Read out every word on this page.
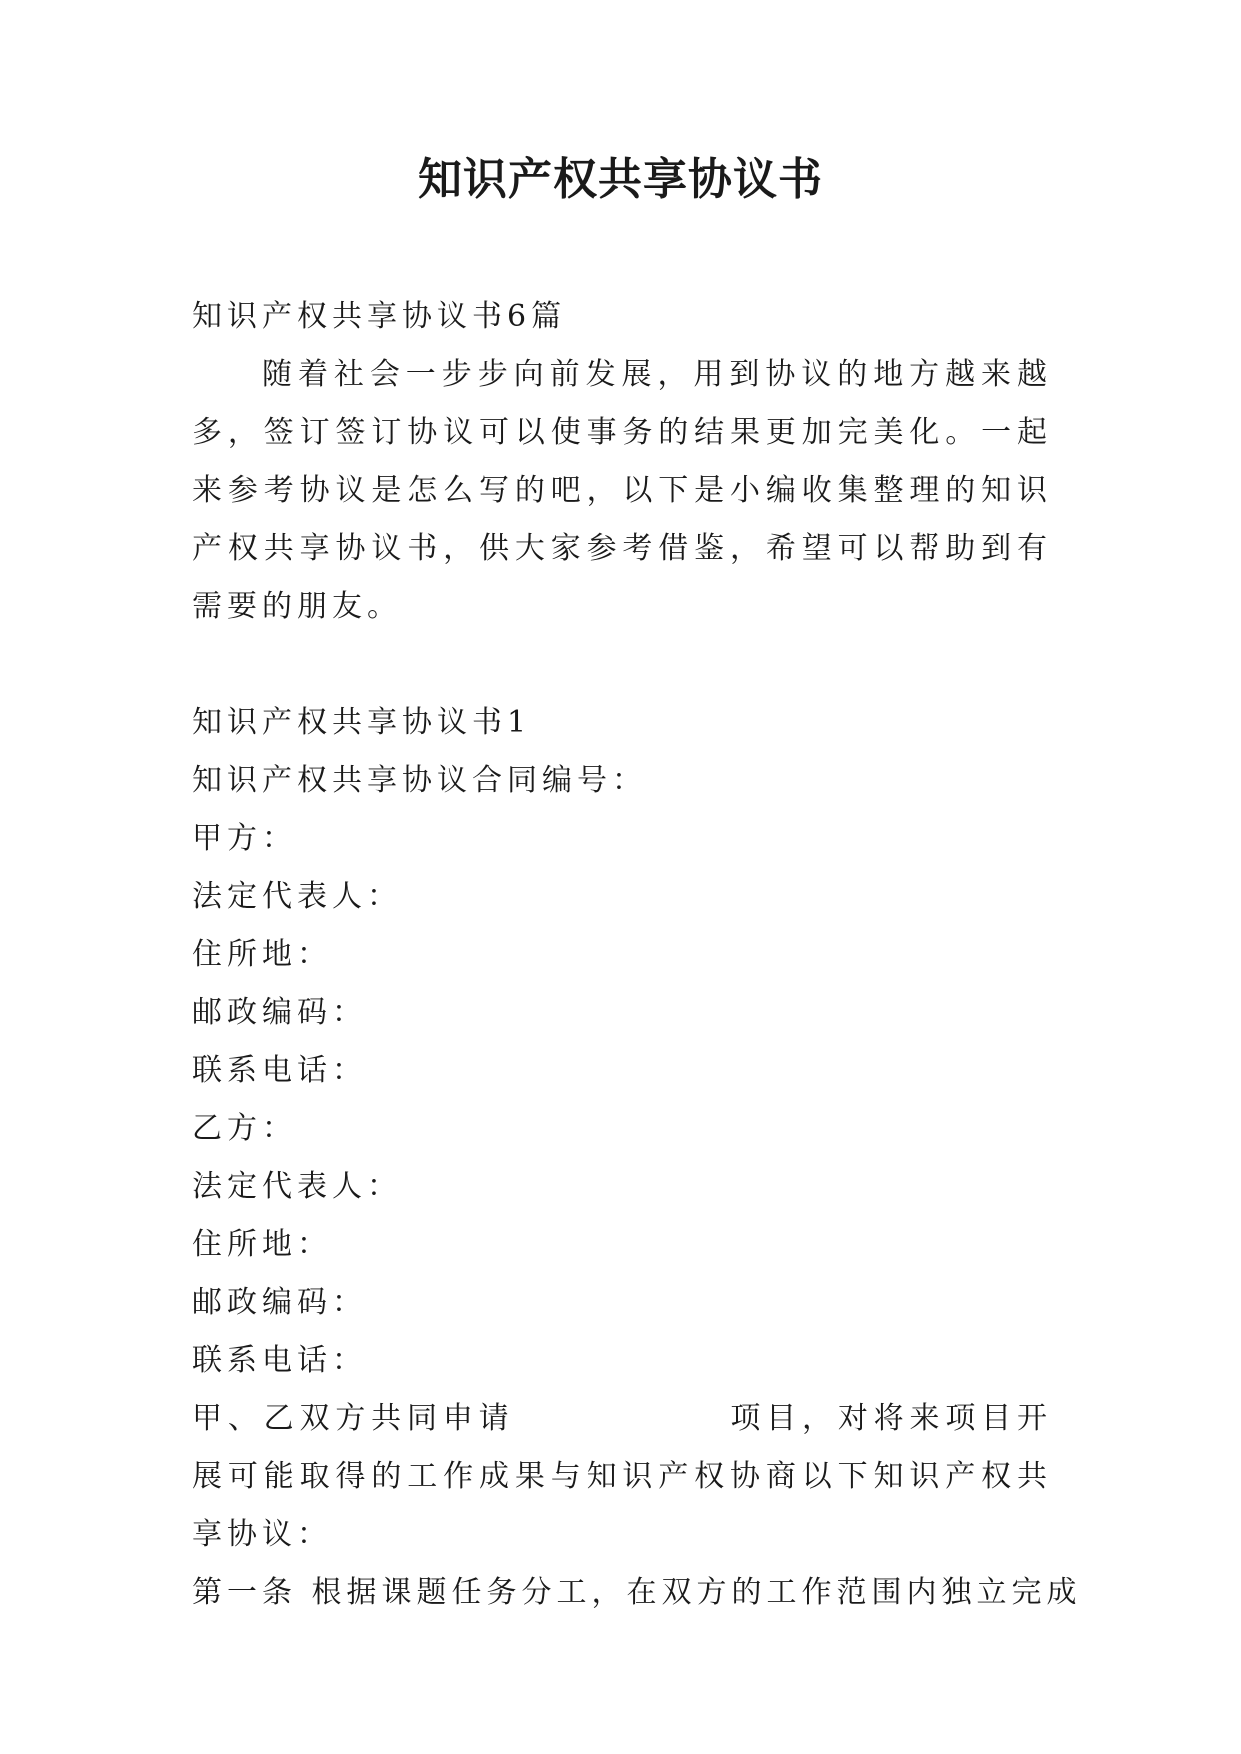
知识产权共享协议书

知识产权共享协议书6篇

随着社会一步步向前发展，用到协议的地方越来越多，签订签订协议可以使事务的结果更加完美化。一起来参考协议是怎么写的吧，以下是小编收集整理的知识产权共享协议书，供大家参考借鉴，希望可以帮助到有需要的朋友。

知识产权共享协议书1

知识产权共享协议合同编号：

甲方：

法定代表人：

住所地：

邮政编码：

联系电话：

乙方：

法定代表人：

住所地：

邮政编码：

联系电话：

甲、乙双方共同申请	项目，对将来项目开展可能取得的工作成果与知识产权协商以下知识产权共享协议：

第一条 根据课题任务分工，在双方的工作范围内独立完成
